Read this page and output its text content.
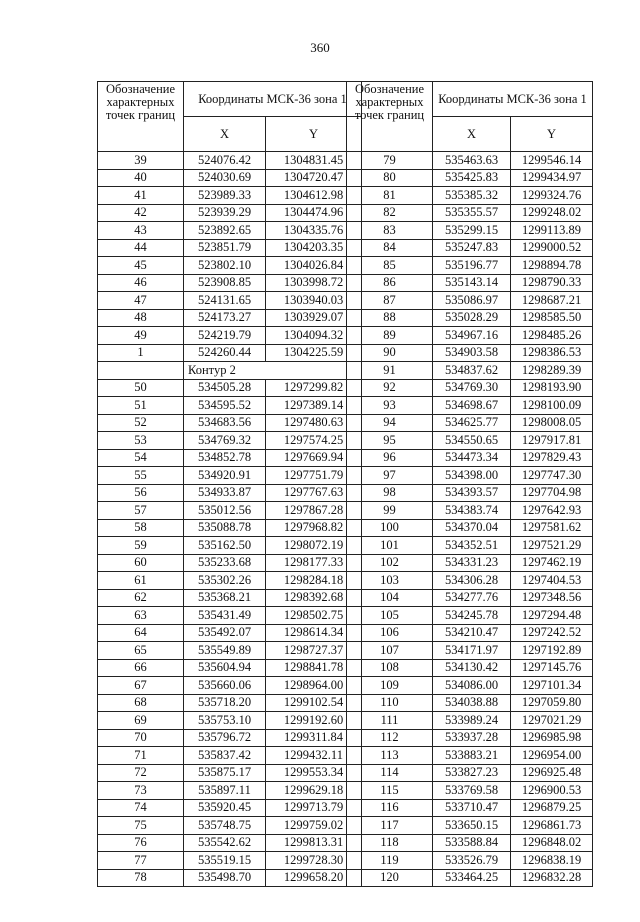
360
Обозначение характерных точек границ	Координаты МСК-36 зона 1	
	X	Y
39	524076.42	1304831.45
40	524030.69	1304720.47
41	523989.33	1304612.98
42	523939.29	1304474.96
43	523892.65	1304335.76
44	523851.79	1304203.35
45	523802.10	1304026.84
46	523908.85	1303998.72
47	524131.65	1303940.03
48	524173.27	1303929.07
49	524219.79	1304094.32
1	524260.44	1304225.59
	Контур 2	
50	534505.28	1297299.82
51	534595.52	1297389.14
52	534683.56	1297480.63
53	534769.32	1297574.25
54	534852.78	1297669.94
55	534920.91	1297751.79
56	534933.87	1297767.63
57	535012.56	1297867.28
58	535088.78	1297968.82
59	535162.50	1298072.19
60	535233.68	1298177.33
61	535302.26	1298284.18
62	535368.21	1298392.68
63	535431.49	1298502.75
64	535492.07	1298614.34
65	535549.89	1298727.37
66	535604.94	1298841.78
67	535660.06	1298964.00
68	535718.20	1299102.54
69	535753.10	1299192.60
70	535796.72	1299311.84
71	535837.42	1299432.11
72	535875.17	1299553.34
73	535897.11	1299629.18
74	535920.45	1299713.79
75	535748.75	1299759.02
76	535542.62	1299813.31
77	535519.15	1299728.30
78	535498.70	1299658.20
Обозначение характерных точек границ	Координаты МСК-36 зона 1	
	X	Y
79	535463.63	1299546.14
80	535425.83	1299434.97
81	535385.32	1299324.76
82	535355.57	1299248.02
83	535299.15	1299113.89
84	535247.83	1299000.52
85	535196.77	1298894.78
86	535143.14	1298790.33
87	535086.97	1298687.21
88	535028.29	1298585.50
89	534967.16	1298485.26
90	534903.58	1298386.53
91	534837.62	1298289.39
92	534769.30	1298193.90
93	534698.67	1298100.09
94	534625.77	1298008.05
95	534550.65	1297917.81
96	534473.34	1297829.43
97	534398.00	1297747.30
98	534393.57	1297704.98
99	534383.74	1297642.93
100	534370.04	1297581.62
101	534352.51	1297521.29
102	534331.23	1297462.19
103	534306.28	1297404.53
104	534277.76	1297348.56
105	534245.78	1297294.48
106	534210.47	1297242.52
107	534171.97	1297192.89
108	534130.42	1297145.76
109	534086.00	1297101.34
110	534038.88	1297059.80
111	533989.24	1297021.29
112	533937.28	1296985.98
113	533883.21	1296954.00
114	533827.23	1296925.48
115	533769.58	1296900.53
116	533710.47	1296879.25
117	533650.15	1296861.73
118	533588.84	1296848.02
119	533526.79	1296838.19
120	533464.25	1296832.28
